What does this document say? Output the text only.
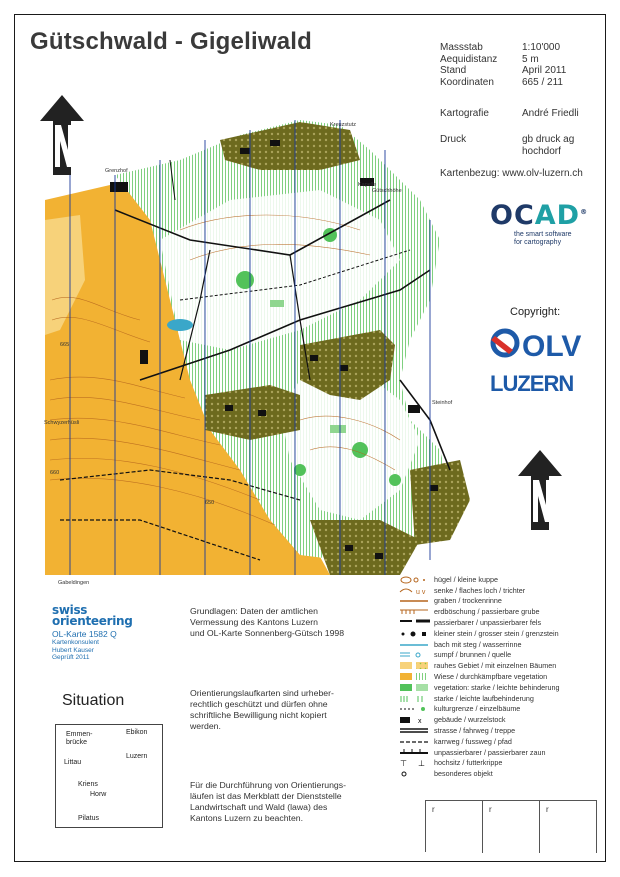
Kreuzstutz
Grenzhof
Kapelle
Gütschhöhe
Steinhof
Schwyzerhüsli
Gabeldingen
665
660
650
OLV
LUZERN
Gütschwald - Gigeliwald	Massstab	1:10'000
Aequidistanz	5 m
Stand	April 2011
Koordinaten	665 / 211
Kartografie	André Friedli
Druck	gb druck ag
hochdorf
Kartenbezug: www.olv-luzern.ch
OCAD®
the smart software
for cartography
Copyright:
hügel / kleine kuppe
u v senke / flaches loch / trichter
graben / trockenrinne
erdböschung / passierbare grube
passierbarer / unpassierbarer fels
kleiner stein / grosser stein / grenzstein
bach mit steg / wasserrinne
sumpf / brunnen / quelle
rauhes Gebiet / mit einzelnen Bäumen
Wiese / durchkämpfbare vegetation
vegetation: starke / leichte behinderung
starke / leichte laufbehinderung
kulturgrenze / einzelbäume
x gebäude / wurzelstock
strasse / fahrweg / treppe
karrweg / fussweg / pfad
unpassierbarer / passierbarer zaun
⊤ ⊥ hochsitz / futterkrippe
besonderes objekt
swiss
orienteering
OL-Karte 1582 Q
Kartenkonsulent
Hubert Kauser
Geprüft 2011
Situation
Emmen-
brücke
Ebikon
Luzern
Littau
Kriens
Horw
Pilatus
Grundlagen: Daten der amtlichen
Vermessung des Kantons Luzern
und OL-Karte Sonnenberg-Gütsch 1998
Orientierungslaufkarten sind urheber-
rechtlich geschützt und dürfen ohne
schriftliche Bewilligung nicht kopiert
werden.
Für die Durchführung von Orientierungs-
läufen ist das Merkblatt der Dienststelle
Landwirtschaft und Wald (lawa) des
Kantons Luzern zu beachten.
r	r	r
